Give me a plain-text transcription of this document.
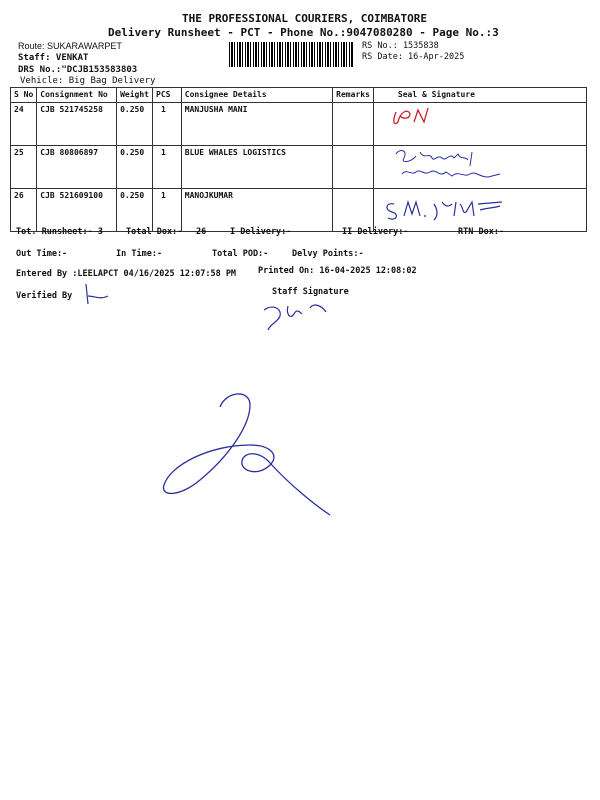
THE PROFESSIONAL COURIERS, COIMBATORE
Delivery Runsheet - PCT - Phone No.:9047080280 - Page No.:3
Route: SUKARAWARPET
Staff: VENKAT
DRS No.:"DCJB153583803
Vehicle: Big Bag Delivery
RS No.: 1535838
RS Date: 16-Apr-2025
S No	Consignment No	Weight	PCS	Consignee Details	Remarks	Seal & Signature
24	CJB 521745258	0.250	1	MANJUSHA MANI		
25	CJB 80806897	0.250	1	BLUE WHALES LOGISTICS		
26	CJB 521609100	0.250	1	MANOJKUMAR		
Tot. Runsheet:- 3	Total Dox:- 26	I Delivery:-	II Delivery:-	RTN Dox:-
Out Time:-	In Time:-	Total POD:-	Delvy Points:-
Entered By :LEELAPCT 04/16/2025 12:07:58 PM	Printed On: 16-04-2025 12:08:02
Verified By	Staff Signature
